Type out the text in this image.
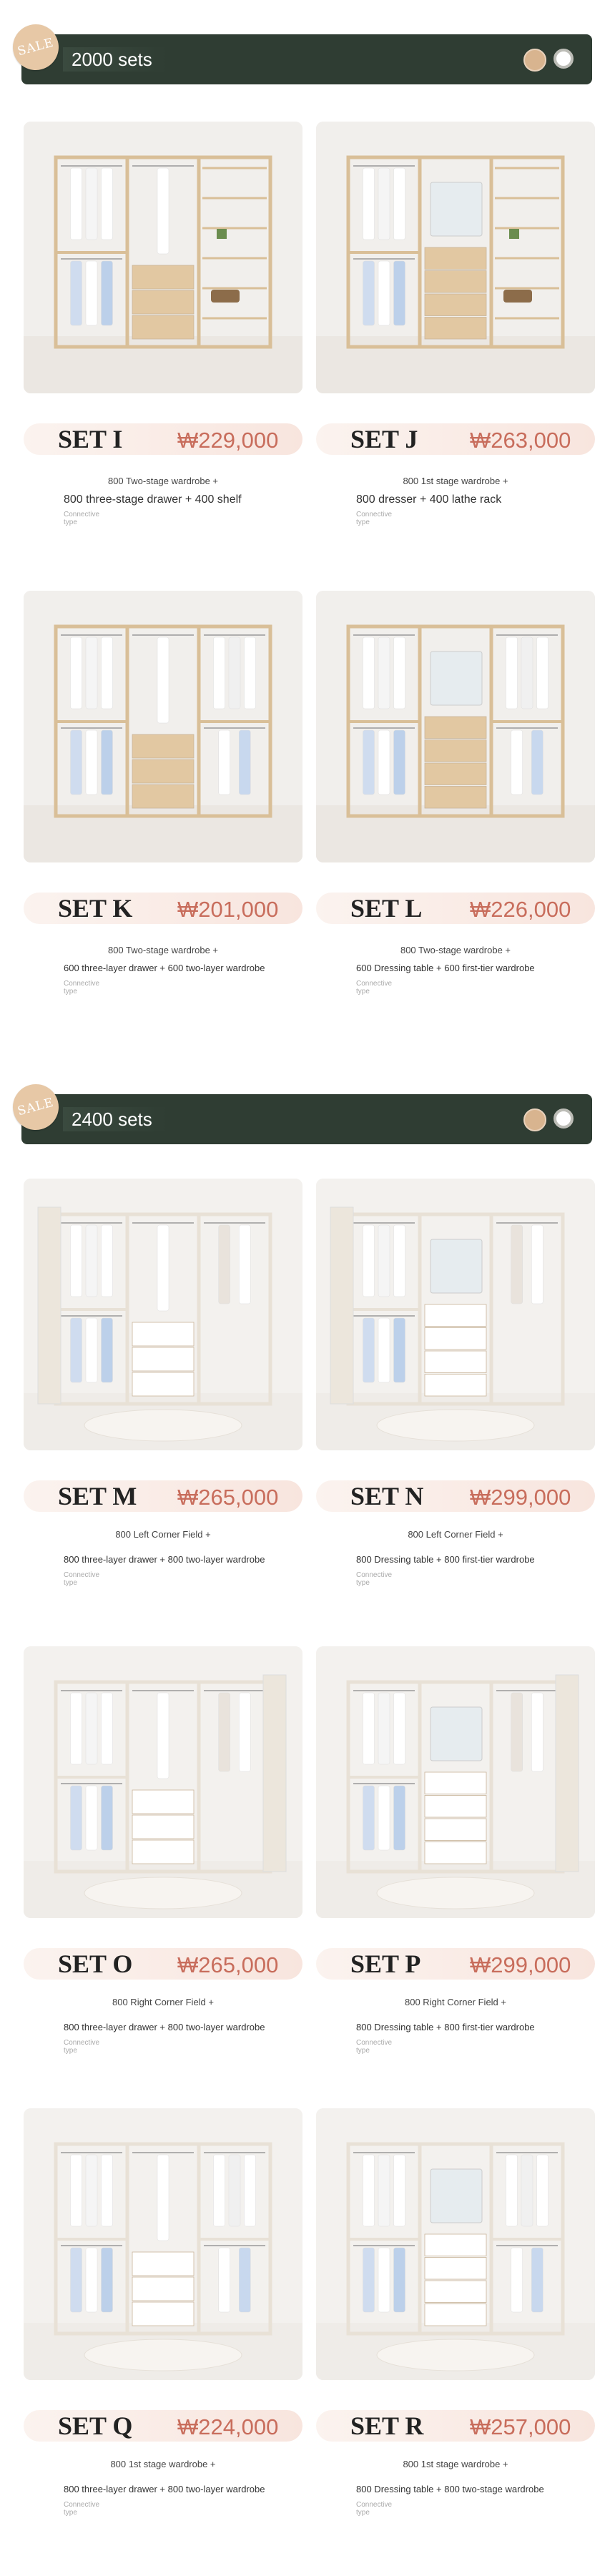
SALE
2000 sets
SALE
2400 sets
SET I ₩229,000
800 Two-stage wardrobe +
800 three-stage drawer + 400 shelf
Connective type
SET J ₩263,000
800 1st stage wardrobe +
800 dresser + 400 lathe rack
Connective type
SET K ₩201,000
800 Two-stage wardrobe +
600 three-layer drawer + 600 two-layer wardrobe
Connective type
SET L ₩226,000
800 Two-stage wardrobe +
600 Dressing table + 600 first-tier wardrobe
Connective type
SET M ₩265,000
800 Left Corner Field +
800 three-layer drawer + 800 two-layer wardrobe
Connective type
SET N ₩299,000
800 Left Corner Field +
800 Dressing table + 800 first-tier wardrobe
Connective type
SET O ₩265,000
800 Right Corner Field +
800 three-layer drawer + 800 two-layer wardrobe
Connective type
SET P ₩299,000
800 Right Corner Field +
800 Dressing table + 800 first-tier wardrobe
Connective type
SET Q ₩224,000
800 1st stage wardrobe +
800 three-layer drawer + 800 two-layer wardrobe
Connective type
SET R ₩257,000
800 1st stage wardrobe +
800 Dressing table + 800 two-stage wardrobe
Connective type
